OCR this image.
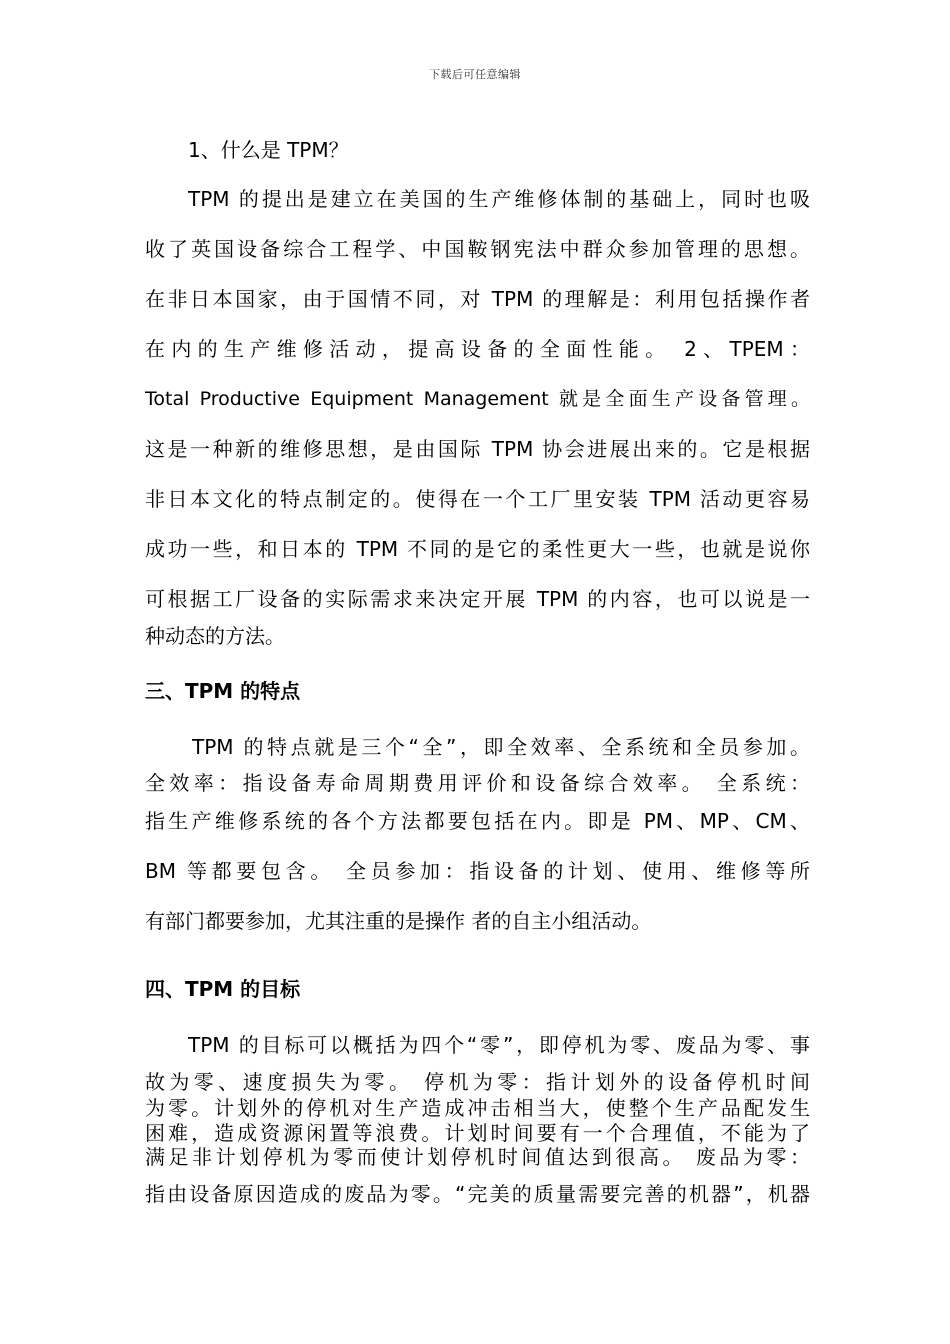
下载后可任意编辑
1、什么是 TPM？
TPM 的提出是建立在美国的生产维修体制的基础上，同时也吸
收了英国设备综合工程学、中国鞍钢宪法中群众参加管理的思想。
在非日本国家，由于国情不同，对 TPM 的理解是：利用包括操作者
在内的生产维修活动，提高设备的全面性能。 2、TPEM：
Total Productive Equipment Management 就是全面生产设备管理。
这是一种新的维修思想，是由国际 TPM 协会进展出来的。它是根据
非日本文化的特点制定的。使得在一个工厂里安装 TPM 活动更容易
成功一些，和日本的 TPM 不同的是它的柔性更大一些，也就是说你
可根据工厂设备的实际需求来决定开展 TPM 的内容，也可以说是一
种动态的方法。
三、TPM 的特点
TPM 的特点就是三个“全”，即全效率、全系统和全员参加。
全效率：指设备寿命周期费用评价和设备综合效率。 全系统：
指生产维修系统的各个方法都要包括在内。即是 PM、MP、CM、
BM 等都要包含。 全员参加：指设备的计划、使用、维修等所
有部门都要参加，尤其注重的是操作 者的自主小组活动。
四、TPM 的目标
TPM 的目标可以概括为四个“零”，即停机为零、废品为零、事
故为零、速度损失为零。 停机为零：指计划外的设备停机时间
为零。计划外的停机对生产造成冲击相当大，使整个生产品配发生
困难，造成资源闲置等浪费。计划时间要有一个合理值，不能为了
满足非计划停机为零而使计划停机时间值达到很高。 废品为零：
指由设备原因造成的废品为零。“完美的质量需要完善的机器”，机器
